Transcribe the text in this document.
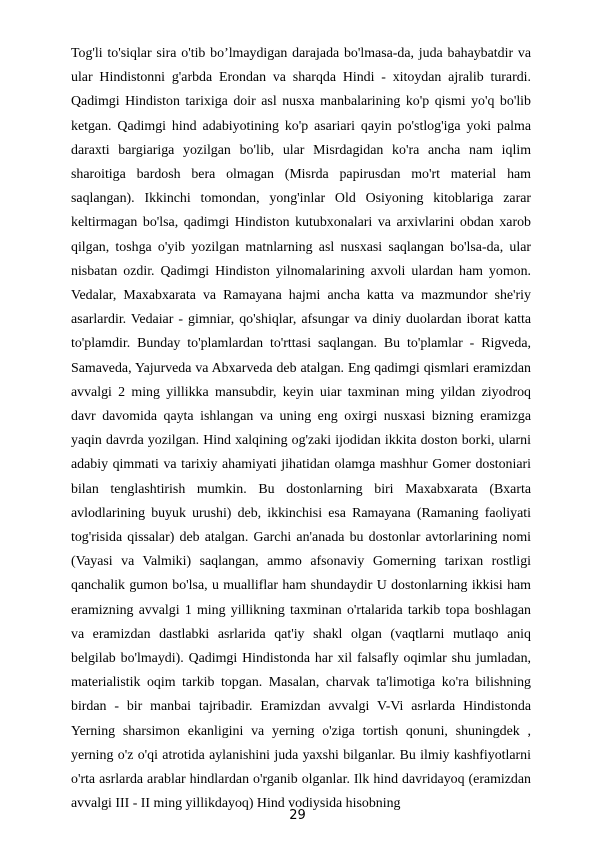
Tog'li to'siqlar sira o'tib bo’lmaydigan darajada bo'lmasa-da, juda bahaybatdir va ular Hindistonni g'arbda Erondan va sharqda Hindi - xitoydan ajralib turardi. Qadimgi Hindiston tarixiga doir asl nusxa manbalarining ko'p qismi yo'q bo'lib ketgan. Qadimgi hind adabiyotining ko'p asariari qayin po'stlog'iga yoki palma daraxti bargiariga yozilgan bo'lib, ular Misrdagidan ko'ra ancha nam iqlim sharoitiga bardosh bera olmagan (Misrda papirusdan mo'rt material ham saqlangan). Ikkinchi tomondan, yong'inlar Old Osiyoning kitoblariga zarar keltirmagan bo'lsa, qadimgi Hindiston kutubxonalari va arxivlarini obdan xarob qilgan, toshga o'yib yozilgan matnlarning asl nusxasi saqlangan bo'lsa-da, ular nisbatan ozdir. Qadimgi Hindiston yilnomalarining axvoli ulardan ham yomon. Vedalar, Maxabxarata va Ramayana hajmi ancha katta va mazmundor she'riy asarlardir. Vedaiar - gimniar, qo'shiqlar, afsungar va diniy duolardan iborat katta to'plamdir. Bunday to'plamlardan to'rttasi saqlangan. Bu to'plamlar - Rigveda, Samaveda, Yajurveda va Abxarveda deb atalgan. Eng qadimgi qismlari eramizdan avvalgi 2 ming yillikka mansubdir, keyin uiar taxminan ming yildan ziyodroq davr davomida qayta ishlangan va uning eng oxirgi nusxasi bizning eramizga yaqin davrda yozilgan. Hind xalqining og'zaki ijodidan ikkita doston borki, ularni adabiy qimmati va tarixiy ahamiyati jihatidan olamga mashhur Gomer dostoniari bilan tenglashtirish mumkin. Bu dostonlarning biri Maxabxarata (Bxarta avlodlarining buyuk urushi) deb, ikkinchisi esa Ramayana (Ramaning faoliyati tog'risida qissalar) deb atalgan. Garchi an'anada bu dostonlar avtorlarining nomi (Vayasi va Valmiki) saqlangan, ammo afsonaviy Gomerning tarixan rostligi qanchalik gumon bo'lsa, u mualliflar ham shundaydir U dostonlarning ikkisi ham eramizning avvalgi 1 ming yillikning taxminan o'rtalarida tarkib topa boshlagan va eramizdan dastlabki asrlarida qat'iy shakl olgan (vaqtlarni mutlaqo aniq belgilab bo'lmaydi). Qadimgi Hindistonda har xil falsafly oqimlar shu jumladan, materialistik oqim tarkib topgan. Masalan, charvak ta'limotiga ko'ra bilishning birdan - bir manbai tajribadir. Eramizdan avvalgi V-Vi asrlarda Hindistonda Yerning sharsimon ekanligini va yerning o'ziga tortish qonuni, shuningdek , yerning o'z o'qi atrotida aylanishini juda yaxshi bilganlar. Bu ilmiy kashfiyotlarni o'rta asrlarda arablar hindlardan o'rganib olganlar. Ilk hind davridayoq (eramizdan avvalgi III - II ming yillikdayoq) Hind vodiysida hisobning

29
